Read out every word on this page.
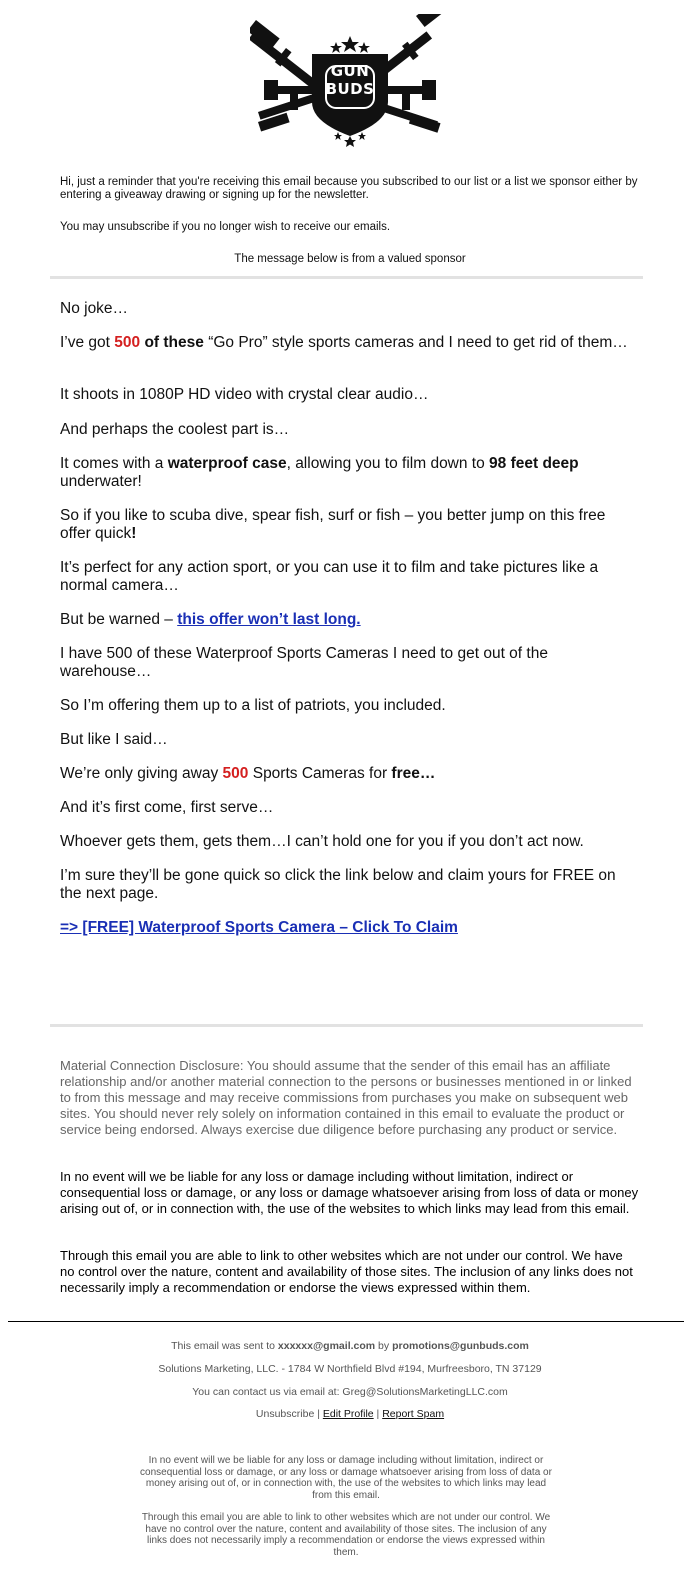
GUN
BUDS
Hi, just a reminder that you're receiving this email because you subscribed to our list or a list we sponsor either by entering a giveaway drawing or signing up for the newsletter.
You may unsubscribe if you no longer wish to receive our emails.
The message below is from a valued sponsor

No joke…

I’ve got 500 of these “Go Pro” style sports cameras and I need to get rid of them…

It shoots in 1080P HD video with crystal clear audio…

And perhaps the coolest part is…

It comes with a waterproof case, allowing you to film down to 98 feet deep underwater!

So if you like to scuba dive, spear fish, surf or fish – you better jump on this free offer quick!

It’s perfect for any action sport, or you can use it to film and take pictures like a normal camera…

But be warned – this offer won’t last long.

I have 500 of these Waterproof Sports Cameras I need to get out of the warehouse…

So I’m offering them up to a list of patriots, you included.

But like I said…

We’re only giving away 500 Sports Cameras for free…

And it’s first come, first serve…

Whoever gets them, gets them…I can’t hold one for you if you don’t act now.

I’m sure they’ll be gone quick so click the link below and claim yours for FREE on the next page.

=> [FREE] Waterproof Sports Camera – Click To Claim

Material Connection Disclosure: You should assume that the sender of this email has an affiliate relationship and/or another material connection to the persons or businesses mentioned in or linked to from this message and may receive commissions from purchases you make on subsequent web sites. You should never rely solely on information contained in this email to evaluate the product or service being endorsed. Always exercise due diligence before purchasing any product or service.
In no event will we be liable for any loss or damage including without limitation, indirect or consequential loss or damage, or any loss or damage whatsoever arising from loss of data or money arising out of, or in connection with, the use of the websites to which links may lead from this email.
Through this email you are able to link to other websites which are not under our control. We have no control over the nature, content and availability of those sites. The inclusion of any links does not necessarily imply a recommendation or endorse the views expressed within them.
This email was sent to xxxxxx@gmail.com by promotions@gunbuds.com
Solutions Marketing, LLC. - 1784 W Northfield Blvd #194, Murfreesboro, TN 37129
You can contact us via email at: Greg@SolutionsMarketingLLC.com
Unsubscribe | Edit Profile | Report Spam
In no event will we be liable for any loss or damage including without limitation, indirect or consequential loss or damage, or any loss or damage whatsoever arising from loss of data or money arising out of, or in connection with, the use of the websites to which links may lead from this email.
Through this email you are able to link to other websites which are not under our control. We have no control over the nature, content and availability of those sites. The inclusion of any links does not necessarily imply a recommendation or endorse the views expressed within them.
